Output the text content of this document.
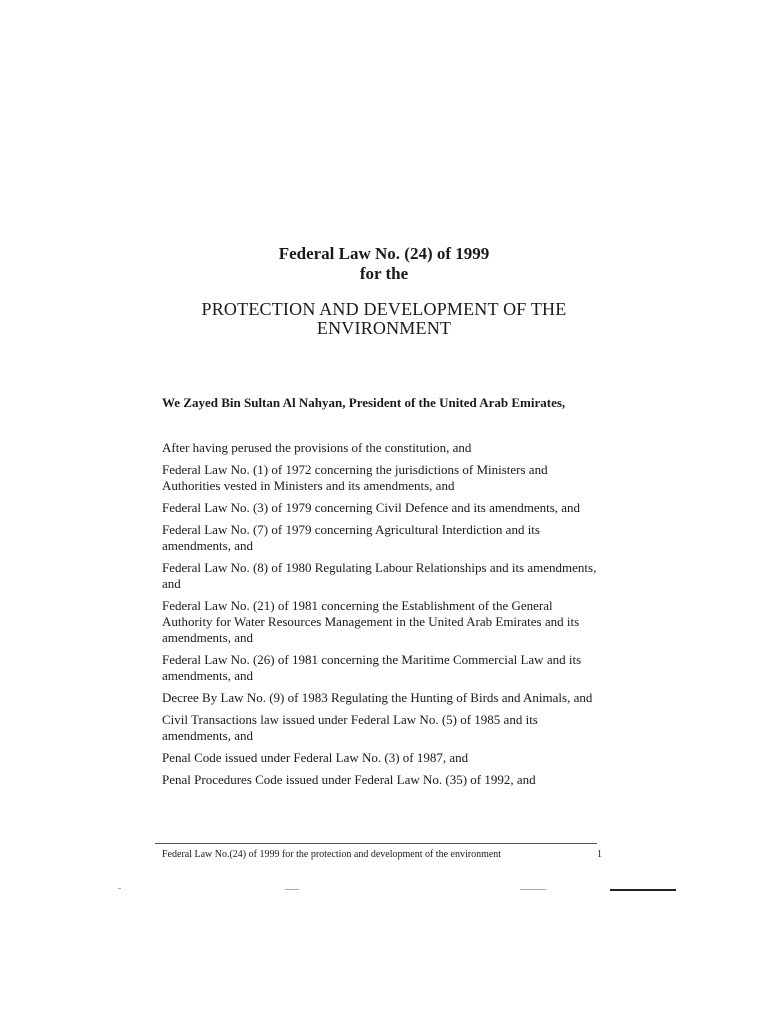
Federal Law No. (24) of 1999
for the
PROTECTION AND DEVELOPMENT OF THE
ENVIRONMENT
We Zayed Bin Sultan Al Nahyan, President of the United Arab Emirates,

After having perused the provisions of the constitution, and

Federal Law No. (1) of 1972 concerning the jurisdictions of Ministers and Authorities vested in Ministers and its amendments, and

Federal Law No. (3) of 1979 concerning Civil Defence and its amendments, and

Federal Law No. (7) of 1979 concerning Agricultural Interdiction and its amendments, and

Federal Law No. (8) of 1980 Regulating Labour Relationships and its amendments, and

Federal Law No. (21) of 1981 concerning the Establishment of the General Authority for Water Resources Management in the United Arab Emirates and its amendments, and

Federal Law No. (26) of 1981 concerning the Maritime Commercial Law and its amendments, and

Decree By Law No. (9) of 1983 Regulating the Hunting of Birds and Animals, and

Civil Transactions law issued under Federal Law No. (5) of 1985 and its amendments, and

Penal Code issued under Federal Law No. (3) of 1987, and

Penal Procedures Code issued under Federal Law No. (35) of 1992, and

Federal Law No.(24) of 1999 for the protection and development of the environment	1
